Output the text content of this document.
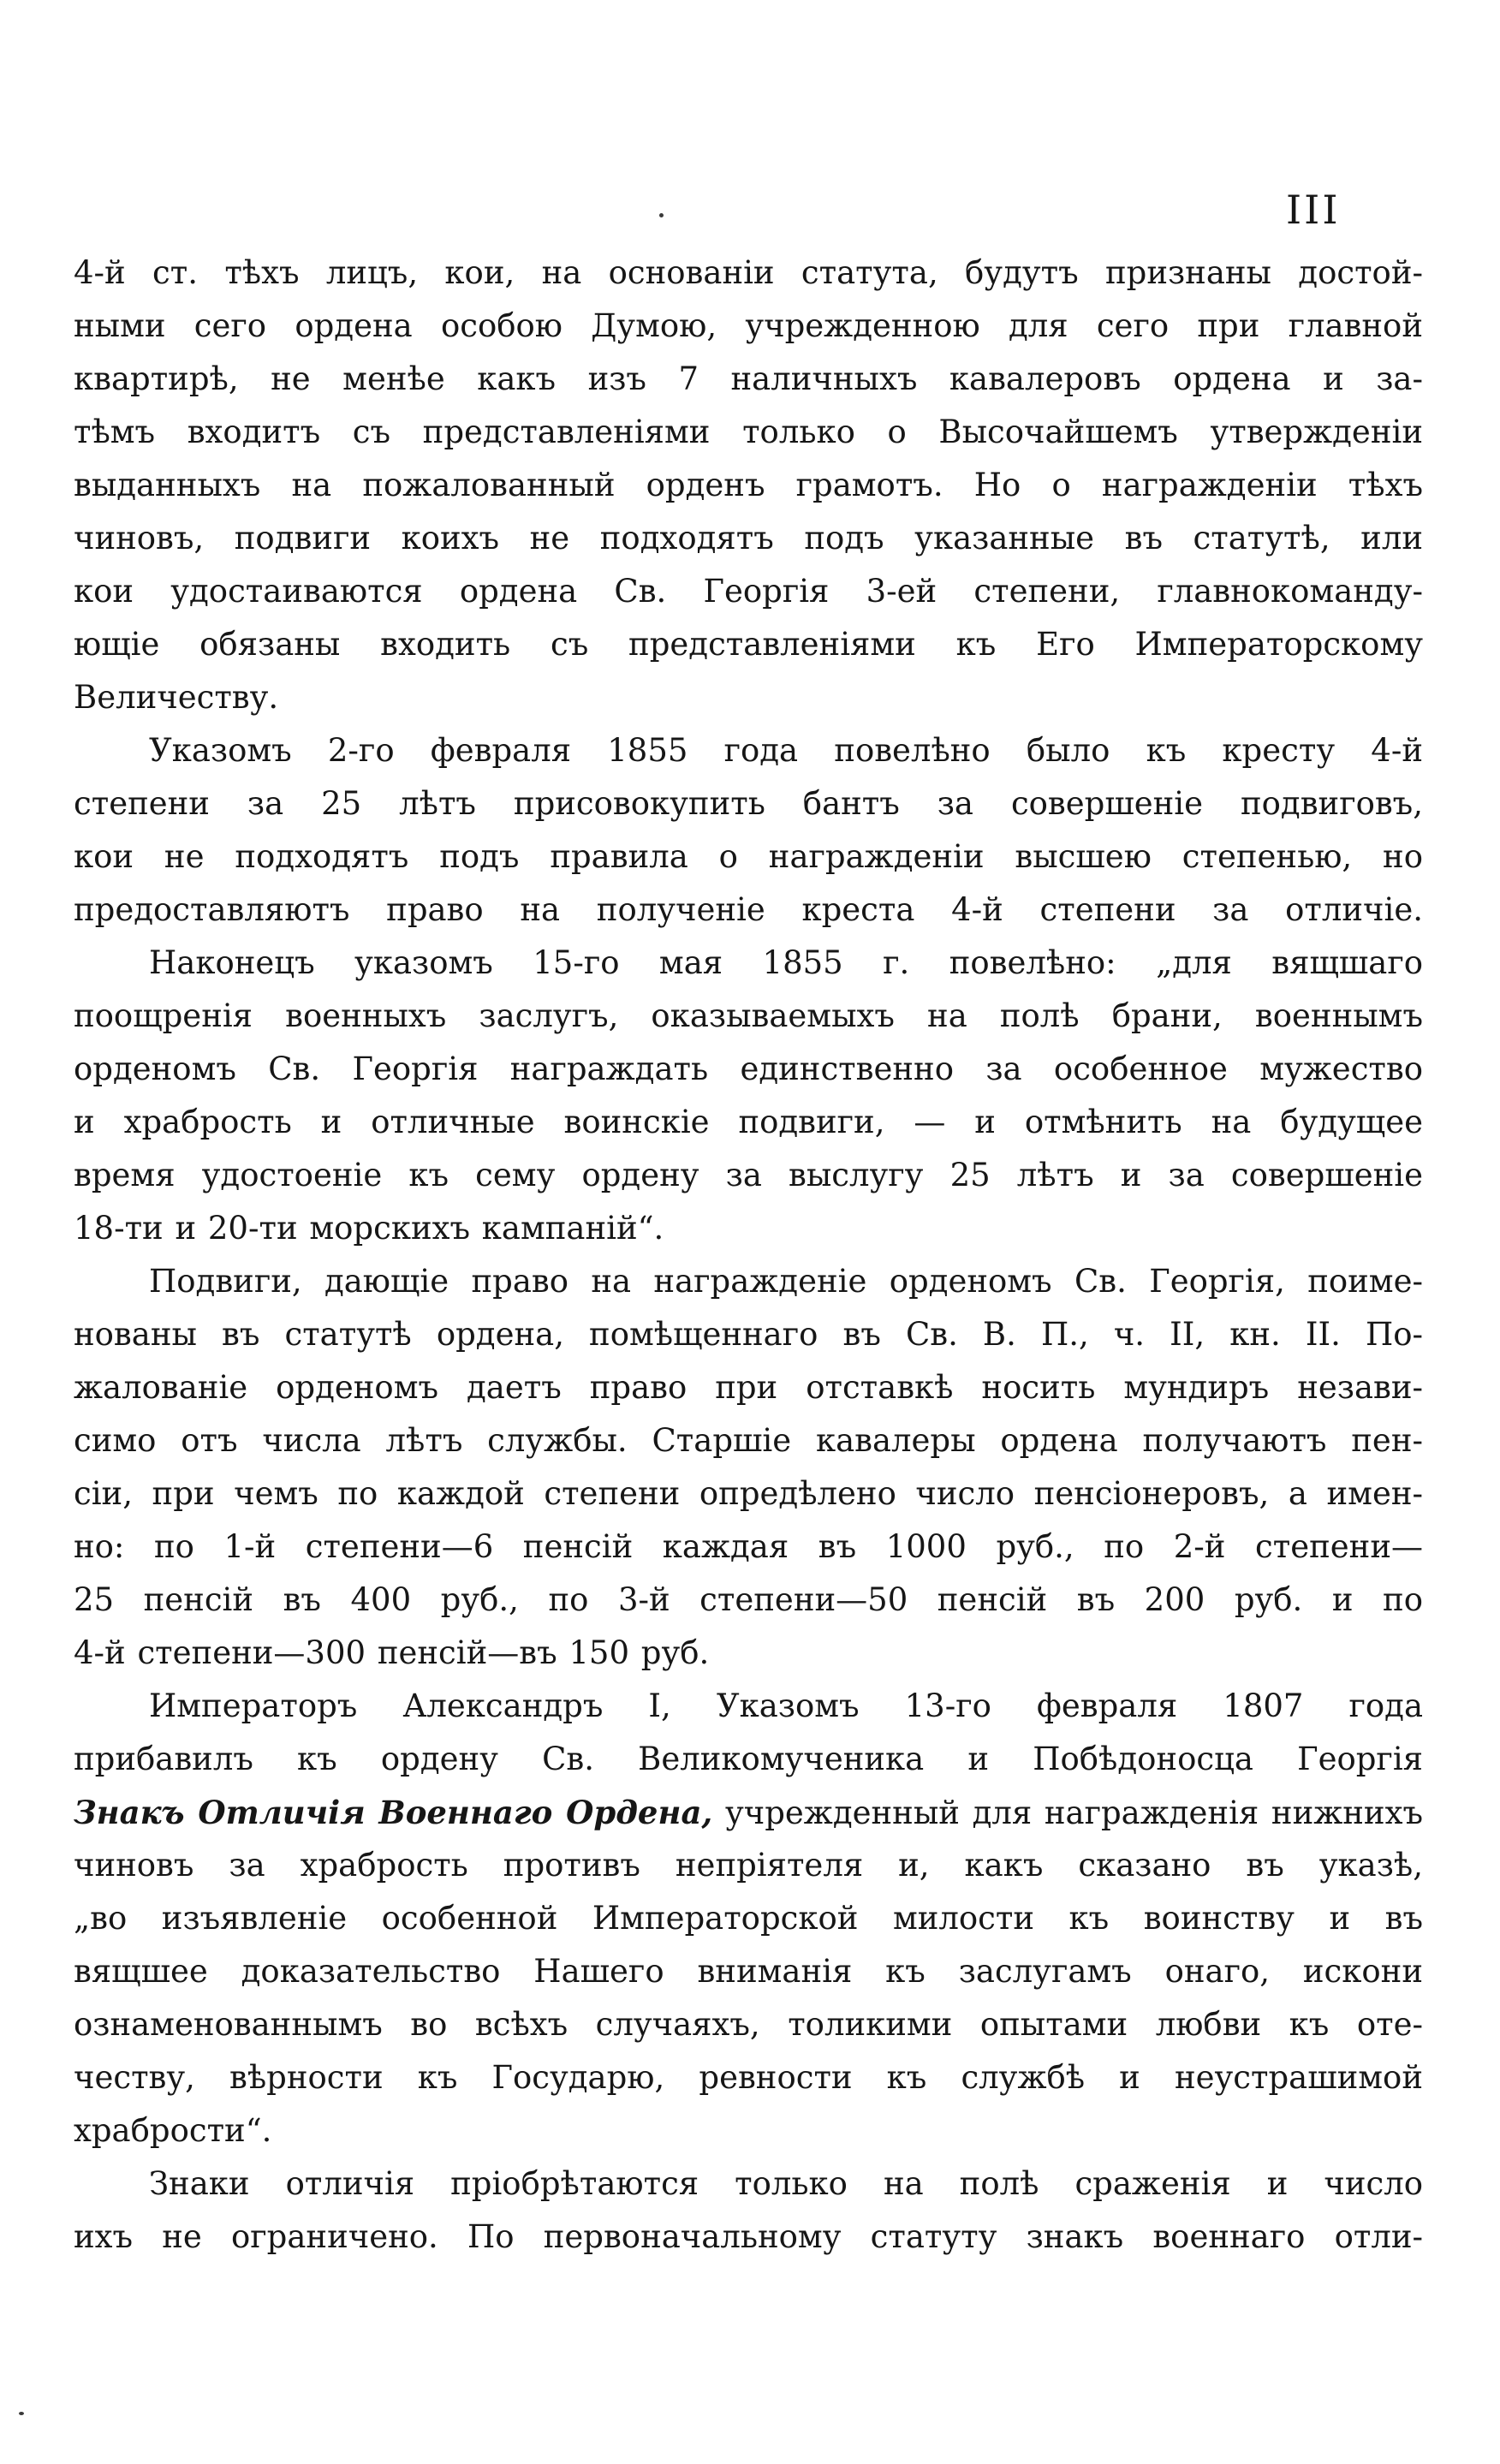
III
4-й ст. тѣхъ лицъ, кои, на основаніи статута, будутъ признаны достой-
ными сего ордена особою Думою, учрежденною для сего при главной
квартирѣ, не менѣе какъ изъ 7 наличныхъ кавалеровъ ордена и за-
тѣмъ входитъ съ представленіями только о Высочайшемъ утвержденіи
выданныхъ на пожалованный орденъ грамотъ. Но о награжденіи тѣхъ
чиновъ, подвиги коихъ не подходятъ подъ указанные въ статутѣ, или
кои удостаиваются ордена Св. Георгія 3-ей степени, главнокоманду-
ющіе обязаны входить съ представленіями къ Его Императорскому
Величеству.
Указомъ 2-го февраля 1855 года повелѣно было къ кресту 4-й
степени за 25 лѣтъ присовокупить бантъ за совершеніе подвиговъ,
кои не подходятъ подъ правила о награжденіи высшею степенью, но
предоставляютъ право на полученіе креста 4-й степени за отличіе.
Наконецъ указомъ 15-го мая 1855 г. повелѣно: „для вящшаго
поощренія военныхъ заслугъ, оказываемыхъ на полѣ брани, военнымъ
орденомъ Св. Георгія награждать единственно за особенное мужество
и храбрость и отличные воинскіе подвиги, — и отмѣнить на будущее
время удостоеніе къ сему ордену за выслугу 25 лѣтъ и за совершеніе
18-ти и 20-ти морскихъ кампаній“.
Подвиги, дающіе право на награжденіе орденомъ Св. Георгія, поиме-
нованы въ статутѣ ордена, помѣщеннаго въ Св. В. П., ч. II, кн. II. По-
жалованіе орденомъ даетъ право при отставкѣ носить мундиръ незави-
симо отъ числа лѣтъ службы. Старшіе кавалеры ордена получаютъ пен-
сіи, при чемъ по каждой степени опредѣлено число пенсіонеровъ, а имен-
но: по 1-й степени—6 пенсій каждая въ 1000 руб., по 2-й степени—
25 пенсій въ 400 руб., по 3-й степени—50 пенсій въ 200 руб. и по
4-й степени—300 пенсій—въ 150 руб.
Императоръ Александръ I, Указомъ 13-го февраля 1807 года
прибавилъ къ ордену Св. Великомученика и Побѣдоносца Георгія
Знакъ Отличія Военнаго Ордена, учрежденный для награжденія нижнихъ
чиновъ за храбрость противъ непріятеля и, какъ сказано въ указѣ,
„во изъявленіе особенной Императорской милости къ воинству и въ
вящшее доказательство Нашего вниманія къ заслугамъ онаго, искони
ознаменованнымъ во всѣхъ случаяхъ, толикими опытами любви къ оте-
честву, вѣрности къ Государю, ревности къ службѣ и неустрашимой
храбрости“.
Знаки отличія пріобрѣтаются только на полѣ сраженія и число
ихъ не ограничено. По первоначальному статуту знакъ военнаго отли-
